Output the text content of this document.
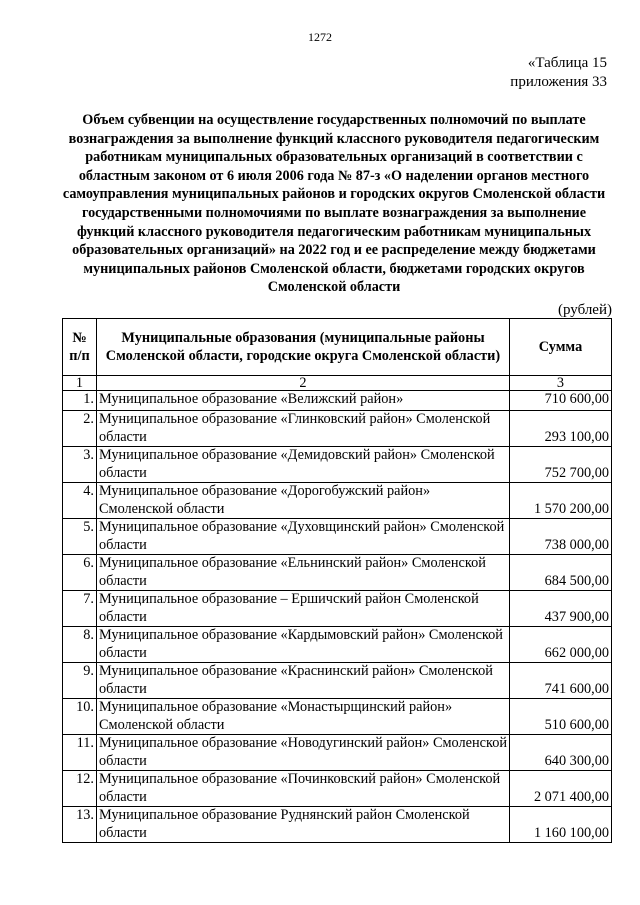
1272
«Таблица 15
приложения 33
Объем субвенции на осуществление государственных полномочий по выплате вознаграждения за выполнение функций классного руководителя педагогическим работникам муниципальных образовательных организаций в соответствии с областным законом от 6 июля 2006 года № 87-з «О наделении органов местного самоуправления муниципальных районов и городских округов Смоленской области государственными полномочиями по выплате вознаграждения за выполнение функций классного руководителя педагогическим работникам муниципальных образовательных организаций» на 2022 год и ее распределение между бюджетами муниципальных районов Смоленской области, бюджетами городских округов Смоленской области
(рублей)
№ п/п	Муниципальные образования (муниципальные районы Смоленской области, городские округа Смоленской области)	Сумма
1	2	3
1.	Муниципальное образование «Велижский район»	710 600,00
2.	Муниципальное образование «Глинковский район» Смоленской области	293 100,00
3.	Муниципальное образование «Демидовский район» Смоленской области	752 700,00
4.	Муниципальное образование «Дорогобужский район» Смоленской области	1 570 200,00
5.	Муниципальное образование «Духовщинский район» Смоленской области	738 000,00
6.	Муниципальное образование «Ельнинский район» Смоленской области	684 500,00
7.	Муниципальное образование – Ершичский район Смоленской области	437 900,00
8.	Муниципальное образование «Кардымовский район» Смоленской области	662 000,00
9.	Муниципальное образование «Краснинский район» Смоленской области	741 600,00
10.	Муниципальное образование «Монастырщинский район» Смоленской области	510 600,00
11.	Муниципальное образование «Новодугинский район» Смоленской области	640 300,00
12.	Муниципальное образование «Починковский район» Смоленской области	2 071 400,00
13.	Муниципальное образование Руднянский район Смоленской области	1 160 100,00
